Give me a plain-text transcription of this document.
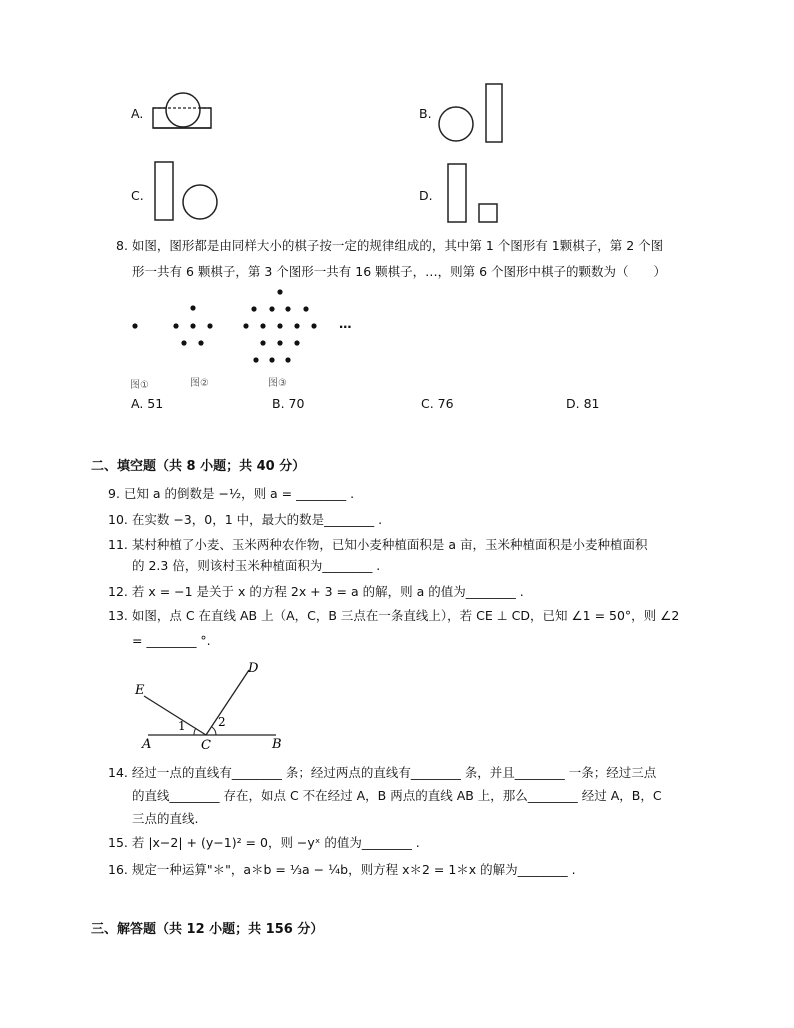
A.	B.
C.	D.
8. 如图，图形都是由同样大小的棋子按一定的规律组成的，其中第 1 个图形有 1颗棋子，第 2 个图
形一共有 6 颗棋子，第 3 个图形一共有 16 颗棋子，…，则第 6 个图形中棋子的颗数为（　　）
…
图①	图②	图③
A. 51	B. 70	C. 76	D. 81
二、填空题（共 8 小题；共 40 分）
9. 已知 a 的倒数是 −½，则 a = ________ .
10. 在实数 −3，0，1 中，最大的数是________ .
11. 某村种植了小麦、玉米两种农作物，已知小麦种植面积是 a 亩，玉米种植面积是小麦种植面积
的 2.3 倍，则该村玉米种植面积为________ .
12. 若 x = −1 是关于 x 的方程 2x + 3 = a 的解，则 a 的值为________ .
13. 如图，点 C 在直线 AB 上（A，C，B 三点在一条直线上），若 CE ⊥ CD，已知 ∠1 = 50°，则 ∠2
= ________ °.
A	C	B
D
E
1	2
14. 经过一点的直线有________ 条；经过两点的直线有________ 条，并且________ 一条；经过三点
的直线________ 存在，如点 C 不在经过 A，B 两点的直线 AB 上，那么________ 经过 A，B，C
三点的直线.
15. 若 |x−2| + (y−1)² = 0，则 −yˣ 的值为________ .
16. 规定一种运算"＊"，a＊b = ⅓a − ¼b，则方程 x＊2 = 1＊x 的解为________ .
三、解答题（共 12 小题；共 156 分）
